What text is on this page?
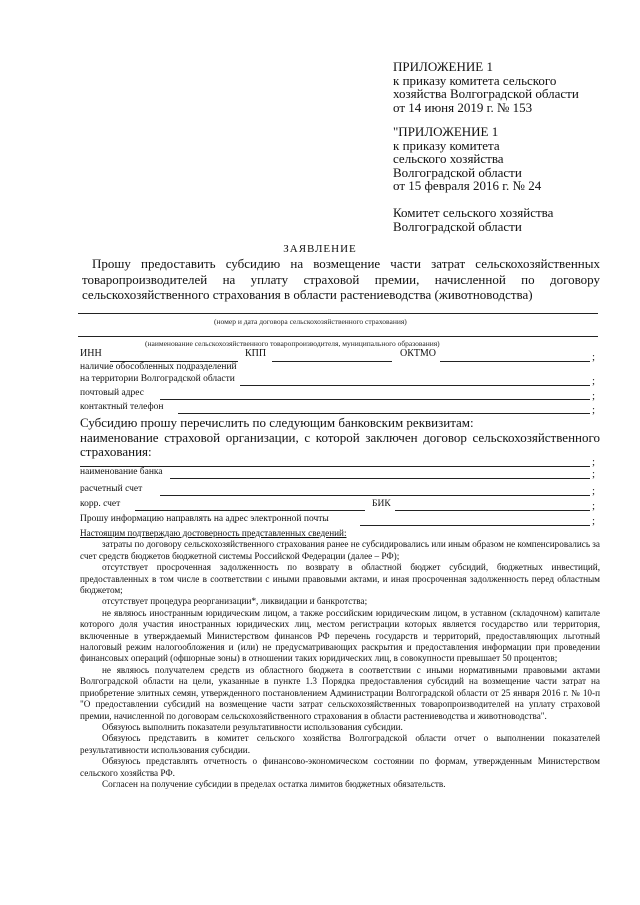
ПРИЛОЖЕНИЕ 1
к приказу комитета сельского
хозяйства Волгоградской области
от 14 июня 2019 г. № 153
"ПРИЛОЖЕНИЕ 1
к приказу комитета
сельского хозяйства
Волгоградской области
от 15 февраля 2016 г. № 24
Комитет сельского хозяйства
Волгоградской области
ЗАЯВЛЕНИЕ
Прошу предоставить субсидию на возмещение части затрат сельскохозяйственных товаропроизводителей на уплату страховой премии, начисленной по договору сельскохозяйственного страхования в области растениеводства (животноводства)
(номер и дата договора сельскохозяйственного страхования)
(наименование сельскохозяйственного товаропроизводителя, муниципального образования)
ИНН	КПП	ОКТМО	;
наличие обособленных подразделений
на территории Волгоградской области	;
почтовый адрес	;
контактный телефон	;
Субсидию прошу перечислить по следующим банковским реквизитам:
наименование страховой организации, с которой заключен договор сельскохозяйственного страхования:
;
наименование банка	;
расчетный счет	;
корр. счет	БИК	;
Прошу информацию направлять на адрес электронной почты	;

Настоящим подтверждаю достоверность представленных сведений:

затраты по договору сельскохозяйственного страхования ранее не субсидировались или иным образом не компенсировались за счет средств бюджетов бюджетной системы Российской Федерации (далее – РФ);

отсутствует просроченная задолженность по возврату в областной бюджет субсидий, бюджетных инвестиций, предоставленных в том числе в соответствии с иными правовыми актами, и иная просроченная задолженность перед областным бюджетом;

отсутствует процедура реорганизации*, ликвидации и банкротства;

не являюсь иностранным юридическим лицом, а также российским юридическим лицом, в уставном (складочном) капитале которого доля участия иностранных юридических лиц, местом регистрации которых является государство или территория, включенные в утверждаемый Министерством финансов РФ перечень государств и территорий, предоставляющих льготный налоговый режим налогообложения и (или) не предусматривающих раскрытия и предоставления информации при проведении финансовых операций (офшорные зоны) в отношении таких юридических лиц, в совокупности превышает 50 процентов;

не являюсь получателем средств из областного бюджета в соответствии с иными нормативными правовыми актами Волгоградской области на цели, указанные в пункте 1.3 Порядка предоставления субсидий на возмещение части затрат на приобретение элитных семян, утвержденного постановлением Администрации Волгоградской области от 25 января 2016 г. № 10-п "О предоставлении субсидий на возмещение части затрат сельскохозяйственных товаропроизводителей на уплату страховой премии, начисленной по договорам сельскохозяйственного страхования в области растениеводства и животноводства".

Обязуюсь выполнить показатели результативности использования субсидии.

Обязуюсь представить в комитет сельского хозяйства Волгоградской области отчет о выполнении показателей результативности использования субсидии.

Обязуюсь представлять отчетность о финансово-экономическом состоянии по формам, утвержденным Министерством сельского хозяйства РФ.

Согласен на получение субсидии в пределах остатка лимитов бюджетных обязательств.
